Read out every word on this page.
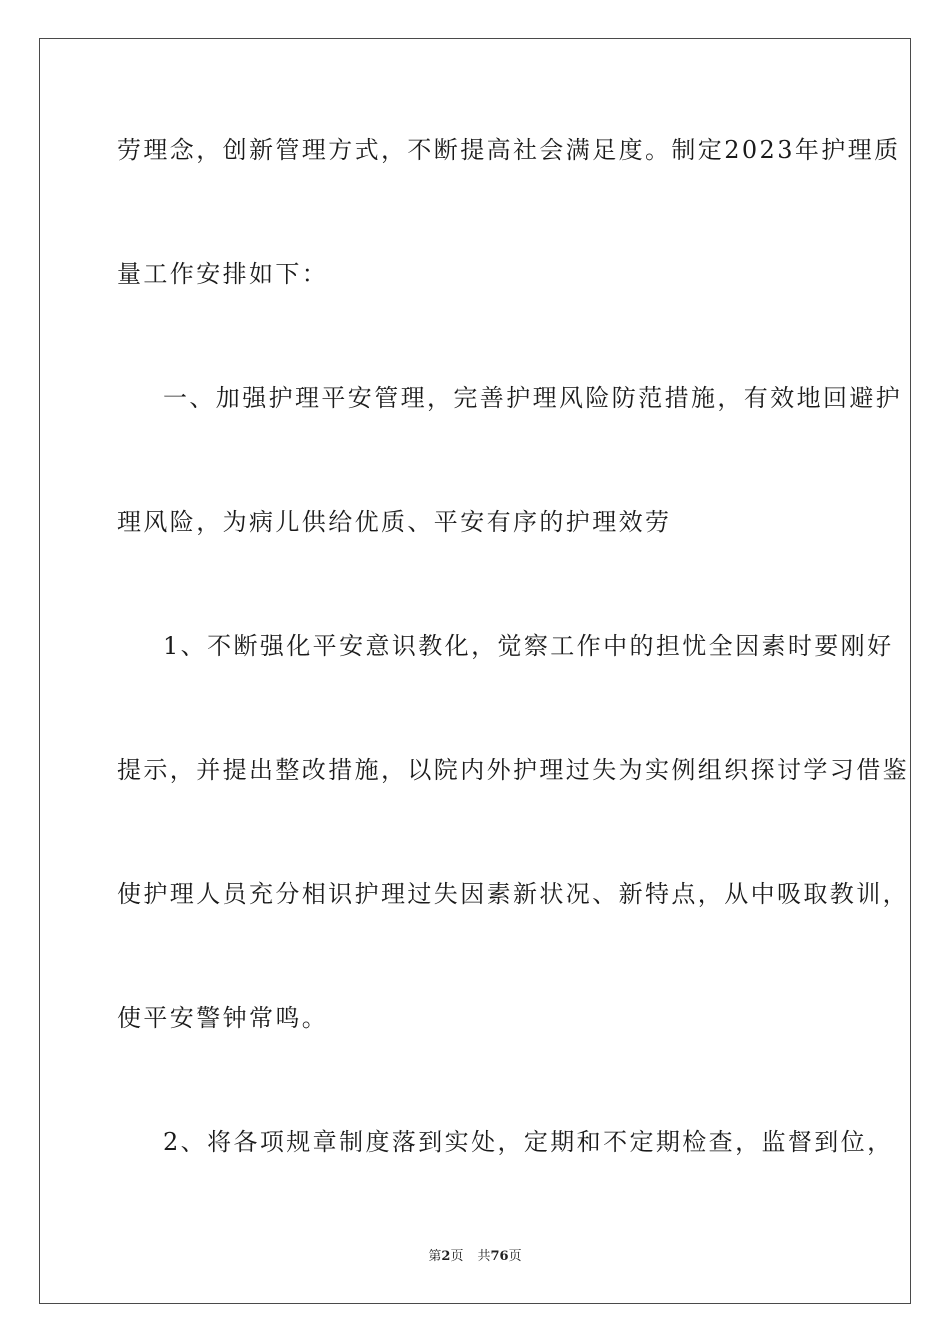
劳理念，创新管理方式，不断提高社会满足度。制定2023年护理质
量工作安排如下：
一、加强护理平安管理，完善护理风险防范措施，有效地回避护
理风险，为病儿供给优质、平安有序的护理效劳
1、不断强化平安意识教化，觉察工作中的担忧全因素时要刚好
提示，并提出整改措施，以院内外护理过失为实例组织探讨学习借鉴
使护理人员充分相识护理过失因素新状况、新特点，从中吸取教训，
使平安警钟常鸣。
2、将各项规章制度落到实处，定期和不定期检查，监督到位，
第2页 共76页
